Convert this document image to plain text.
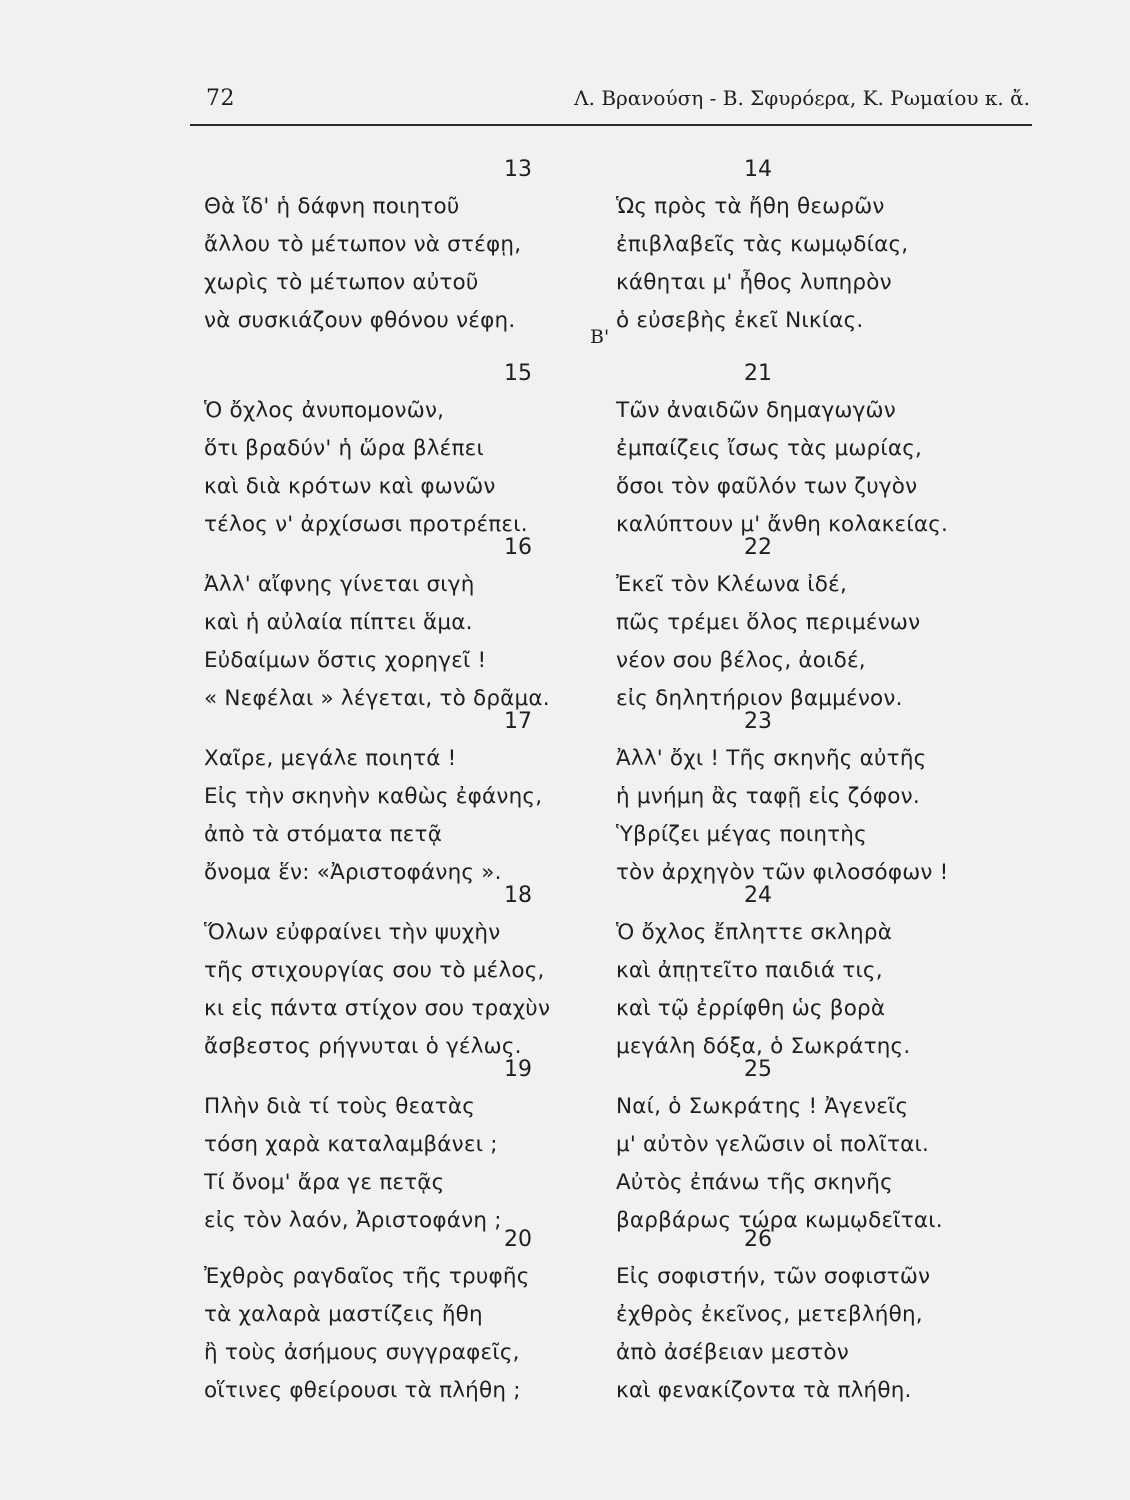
72	Λ. Βρανούση - Β. Σφυρόερα, Κ. Ρωμαίου κ. ἄ.
Β'
13
Θὰ ἴδ' ἡ δάφνη ποιητοῦ
ἄλλου τὸ μέτωπον νὰ στέφῃ,
χωρὶς τὸ μέτωπον αὐτοῦ
νὰ συσκιάζουν φθόνου νέφη.
15
Ὁ ὄχλος ἀνυπομονῶν,
ὅτι βραδύν' ἡ ὥρα βλέπει
καὶ διὰ κρότων καὶ φωνῶν
τέλος ν' ἀρχίσωσι προτρέπει.
16
Ἀλλ' αἴφνης γίνεται σιγὴ
καὶ ἡ αὐλαία πίπτει ἅμα.
Εὐδαίμων ὅστις χορηγεῖ !
« Νεφέλαι » λέγεται, τὸ δρᾶμα.
17
Χαῖρε, μεγάλε ποιητά !
Εἰς τὴν σκηνὴν καθὼς ἐφάνης,
ἀπὸ τὰ στόματα πετᾷ
ὄνομα ἕν: «Ἀριστοφάνης ».
18
Ὅλων εὐφραίνει τὴν ψυχὴν
τῆς στιχουργίας σου τὸ μέλος,
κι εἰς πάντα στίχον σου τραχὺν
ἄσβεστος ρήγνυται ὁ γέλως.
19
Πλὴν διὰ τί τοὺς θεατὰς
τόση χαρὰ καταλαμβάνει ;
Τί ὄνομ' ἄρα γε πετᾷς
εἰς τὸν λαόν, Ἀριστοφάνη ;
20
Ἐχθρὸς ραγδαῖος τῆς τρυφῆς
τὰ χαλαρὰ μαστίζεις ἤθη
ἢ τοὺς ἀσήμους συγγραφεῖς,
οἵτινες φθείρουσι τὰ πλήθη ;
14
Ὡς πρὸς τὰ ἤθη θεωρῶν
ἐπιβλαβεῖς τὰς κωμῳδίας,
κάθηται μ' ἦθος λυπηρὸν
ὁ εὐσεβὴς ἐκεῖ Νικίας.
21
Τῶν ἀναιδῶν δημαγωγῶν
ἐμπαίζεις ἴσως τὰς μωρίας,
ὅσοι τὸν φαῦλόν των ζυγὸν
καλύπτουν μ' ἄνθη κολακείας.
22
Ἐκεῖ τὸν Κλέωνα ἰδέ,
πῶς τρέμει ὅλος περιμένων
νέον σου βέλος, ἀοιδέ,
εἰς δηλητήριον βαμμένον.
23
Ἀλλ' ὄχι ! Τῆς σκηνῆς αὐτῆς
ἡ μνήμη ἂς ταφῇ εἰς ζόφον.
Ὑβρίζει μέγας ποιητὴς
τὸν ἀρχηγὸν τῶν φιλοσόφων !
24
Ὁ ὄχλος ἔπληττε σκληρὰ
καὶ ἀπῃτεῖτο παιδιά τις,
καὶ τῷ ἐρρίφθη ὡς βορὰ
μεγάλη δόξα, ὁ Σωκράτης.
25
Ναί, ὁ Σωκράτης ! Ἀγενεῖς
μ' αὐτὸν γελῶσιν οἱ πολῖται.
Αὐτὸς ἐπάνω τῆς σκηνῆς
βαρβάρως τώρα κωμῳδεῖται.
26
Εἰς σοφιστήν, τῶν σοφιστῶν
ἐχθρὸς ἐκεῖνος, μετεβλήθη,
ἀπὸ ἀσέβειαν μεστὸν
καὶ φενακίζοντα τὰ πλήθη.
